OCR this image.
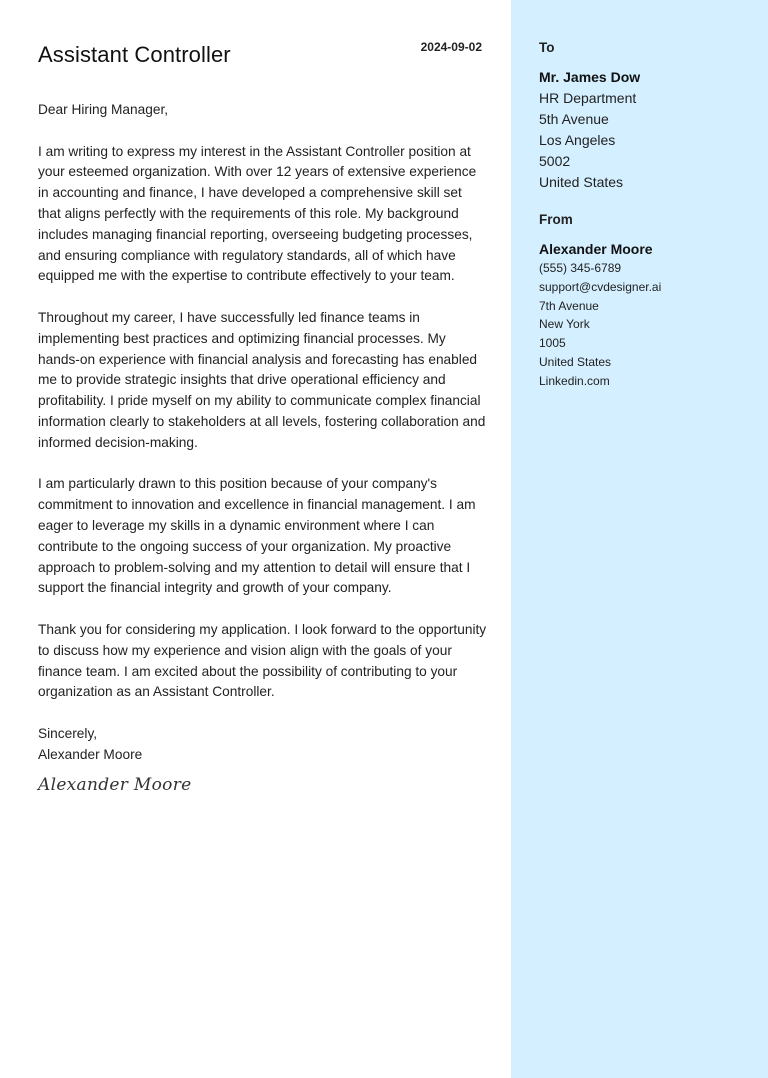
Assistant Controller	2024-09-02

Dear Hiring Manager,

I am writing to express my interest in the Assistant Controller position at your esteemed organization. With over 12 years of extensive experience in accounting and finance, I have developed a comprehensive skill set that aligns perfectly with the requirements of this role. My background includes managing financial reporting, overseeing budgeting processes, and ensuring compliance with regulatory standards, all of which have equipped me with the expertise to contribute effectively to your team.

Throughout my career, I have successfully led finance teams in implementing best practices and optimizing financial processes. My hands-on experience with financial analysis and forecasting has enabled me to provide strategic insights that drive operational efficiency and profitability. I pride myself on my ability to communicate complex financial information clearly to stakeholders at all levels, fostering collaboration and informed decision-making.

I am particularly drawn to this position because of your company's commitment to innovation and excellence in financial management. I am eager to leverage my skills in a dynamic environment where I can contribute to the ongoing success of your organization. My proactive approach to problem-solving and my attention to detail will ensure that I support the financial integrity and growth of your company.

Thank you for considering my application. I look forward to the opportunity to discuss how my experience and vision align with the goals of your finance team. I am excited about the possibility of contributing to your organization as an Assistant Controller.

Sincerely,

Alexander Moore

Alexander Moore
To
Mr. James Dow
HR Department
5th Avenue
Los Angeles
5002
United States
From
Alexander Moore
(555) 345-6789
support@cvdesigner.ai
7th Avenue
New York
1005
United States
Linkedin.com
